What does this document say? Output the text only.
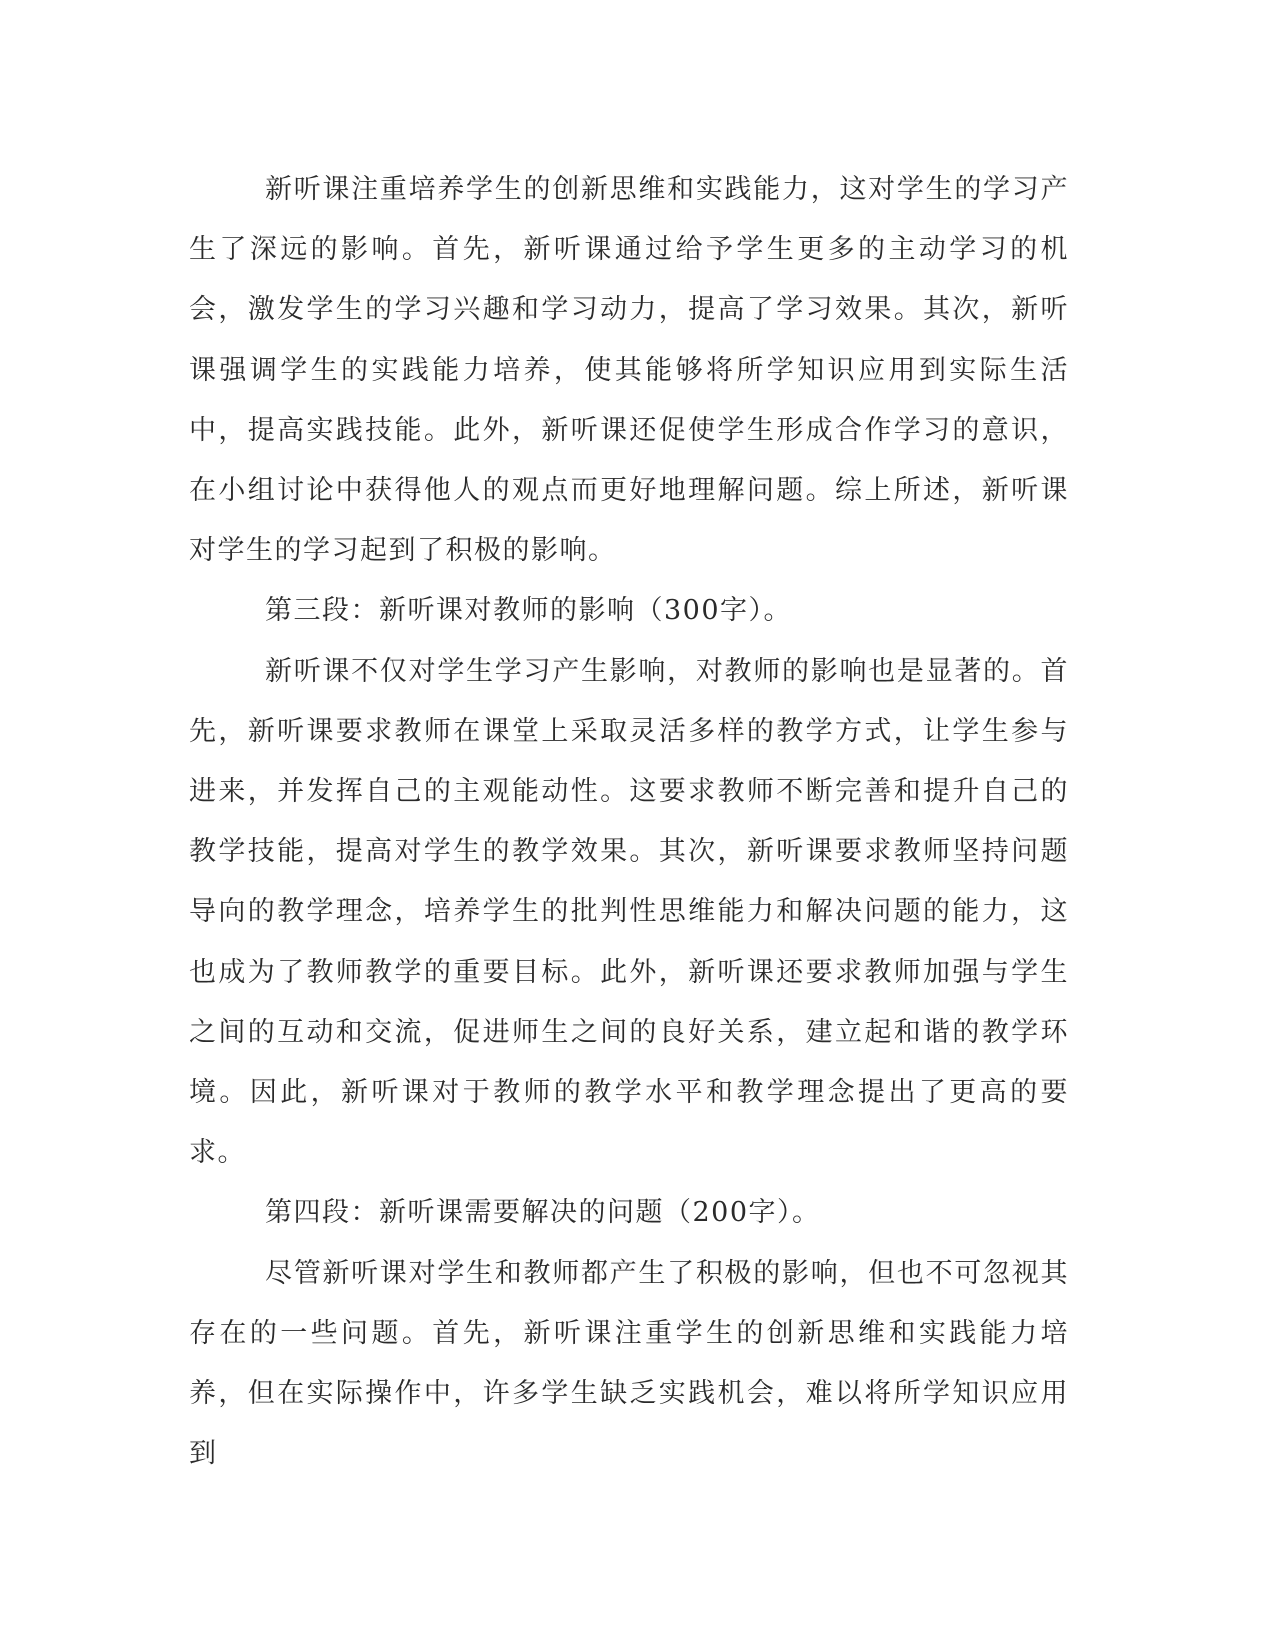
新听课注重培养学生的创新思维和实践能力，这对学生的学习产生了深远的影响。首先，新听课通过给予学生更多的主动学习的机会，激发学生的学习兴趣和学习动力，提高了学习效果。其次，新听课强调学生的实践能力培养，使其能够将所学知识应用到实际生活中，提高实践技能。此外，新听课还促使学生形成合作学习的意识，在小组讨论中获得他人的观点而更好地理解问题。综上所述，新听课对学生的学习起到了积极的影响。

第三段：新听课对教师的影响（300字）。

新听课不仅对学生学习产生影响，对教师的影响也是显著的。首先，新听课要求教师在课堂上采取灵活多样的教学方式，让学生参与进来，并发挥自己的主观能动性。这要求教师不断完善和提升自己的教学技能，提高对学生的教学效果。其次，新听课要求教师坚持问题导向的教学理念，培养学生的批判性思维能力和解决问题的能力，这也成为了教师教学的重要目标。此外，新听课还要求教师加强与学生之间的互动和交流，促进师生之间的良好关系，建立起和谐的教学环境。因此，新听课对于教师的教学水平和教学理念提出了更高的要求。

第四段：新听课需要解决的问题（200字）。

尽管新听课对学生和教师都产生了积极的影响，但也不可忽视其存在的一些问题。首先，新听课注重学生的创新思维和实践能力培养，但在实际操作中，许多学生缺乏实践机会，难以将所学知识应用到
